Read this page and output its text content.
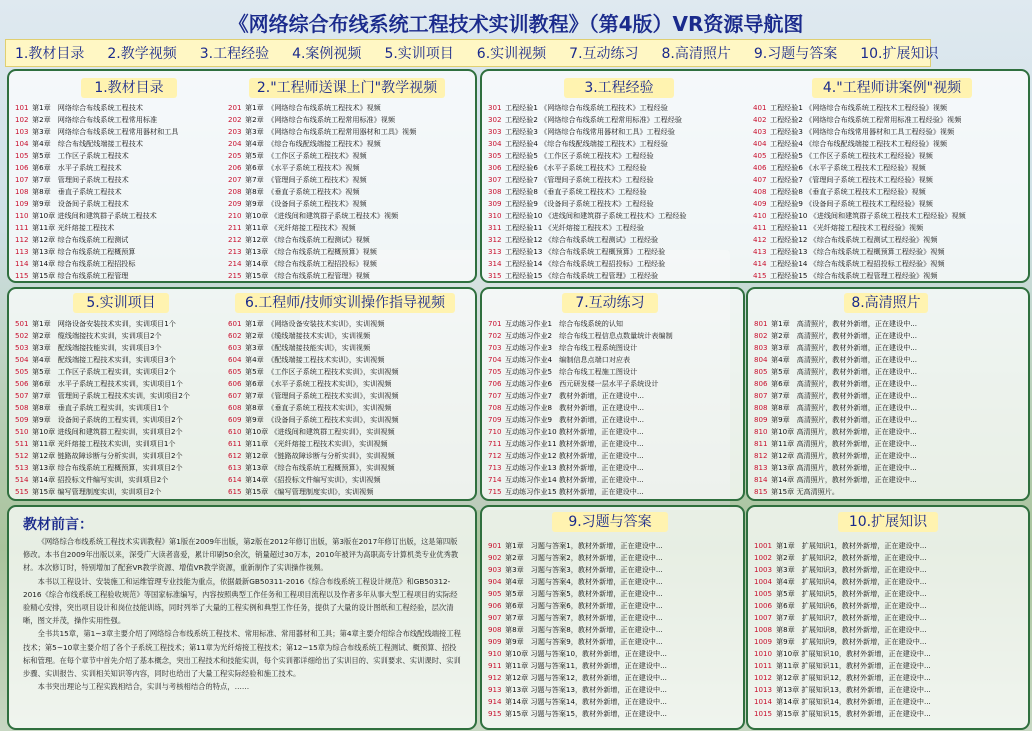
《网络综合布线系统工程技术实训教程》（第4版）VR资源导航图
1.教材目录 2.教学视频 3.工程经验 4.案例视频 5.实训项目 6.实训视频 7.互动练习 8.高清照片 9.习题与答案 10.扩展知识
1.教材目录	2."工程师送课上门"教学视频
101 第1章　网络综合布线系统工程技术
102 第2章　网络综合布线系统工程常用标准
103 第3章　网络综合布线系统工程常用器材和工具
104 第4章　综合布线配线端接工程技术
105 第5章　工作区子系统工程技术
106 第6章　水平子系统工程技术
107 第7章　管理间子系统工程技术
108 第8章　垂直子系统工程技术
109 第9章　设备间子系统工程技术
110 第10章 进线间和建筑群子系统工程技术
111 第11章 光纤熔接工程技术
112 第12章 综合布线系统工程测试
113 第13章 综合布线系统工程概预算
114 第14章 综合布线系统工程招投标
115 第15章 综合布线系统工程管理
201 第1章　《网络综合布线系统工程技术》视频
202 第2章　《网络综合布线系统工程常用标准》视频
203 第3章　《网络综合布线系统工程常用器材和工具》视频
204 第4章　《综合布线配线端接工程技术》视频
205 第5章　《工作区子系统工程技术》视频
206 第6章　《水平子系统工程技术》视频
207 第7章　《管理间子系统工程技术》视频
208 第8章　《垂直子系统工程技术》视频
209 第9章　《设备间子系统工程技术》视频
210 第10章 《进线间和建筑群子系统工程技术》视频
211 第11章 《光纤熔接工程技术》视频
212 第12章 《综合布线系统工程测试》视频
213 第13章 《综合布线系统工程概预算》视频
214 第14章 《综合布线系统工程招投标》视频
215 第15章 《综合布线系统工程管理》视频
3.工程经验	4."工程师讲案例"视频
301 工程经验1 《网络综合布线系统工程技术》工程经验
302 工程经验2 《网络综合布线系统工程常用标准》工程经验
303 工程经验3 《网络综合布线常用器材和工具》工程经验
304 工程经验4 《综合布线配线端接工程技术》工程经验
305 工程经验5 《工作区子系统工程技术》工程经验
306 工程经验6 《水平子系统工程技术》工程经验
307 工程经验7 《管理间子系统工程技术》工程经验
308 工程经验8 《垂直子系统工程技术》工程经验
309 工程经验9 《设备间子系统工程技术》工程经验
310 工程经验10 《进线间和建筑群子系统工程技术》工程经验
311 工程经验11 《光纤熔接工程技术》工程经验
312 工程经验12 《综合布线系统工程测试》工程经验
313 工程经验13 《综合布线系统工程概预算》工程经验
314 工程经验14 《综合布线系统工程招投标》工程经验
315 工程经验15 《综合布线系统工程管理》工程经验
401 工程经验1 《网络综合布线系统工程技术工程经验》视频
402 工程经验2 《网络综合布线系统工程常用标准工程经验》视频
403 工程经验3 《网络综合布线常用器材和工具工程经验》视频
404 工程经验4 《综合布线配线端接工程技术工程经验》视频
405 工程经验5 《工作区子系统工程技术工程经验》视频
406 工程经验6 《水平子系统工程技术工程经验》视频
407 工程经验7 《管理间子系统工程技术工程经验》视频
408 工程经验8 《垂直子系统工程技术工程经验》视频
409 工程经验9 《设备间子系统工程技术工程经验》视频
410 工程经验10 《进线间和建筑群子系统工程技术工程经验》视频
411 工程经验11 《光纤熔接工程技术工程经验》视频
412 工程经验12 《综合布线系统工程测试工程经验》视频
413 工程经验13 《综合布线系统工程概预算工程经验》视频
414 工程经验14 《综合布线系统工程招投标工程经验》视频
415 工程经验15 《综合布线系统工程管理工程经验》视频
5.实训项目	6.工程师/技师实训操作指导视频
501 第1章　网络设备安装技术实训，实训项目1个
502 第2章　缆线端接技术实训，实训项目2个
503 第3章　配线端接技能实训，实训项目3个
504 第4章　配线端接工程技术实训，实训项目3个
505 第5章　工作区子系统工程实训，实训项目2个
506 第6章　水平子系统工程技术实训，实训项目1个
507 第7章　管理间子系统工程技术实训，实训项目2个
508 第8章　垂直子系统工程实训，实训项目1个
509 第9章　设备间子系统的工程实训，实训项目2个
510 第10章 进线间和建筑群工程实训，实训项目2个
511 第11章 光纤熔接工程技术实训，实训项目1个
512 第12章 链路故障诊断与分析实训，实训项目2个
513 第13章 综合布线系统工程概预算，实训项目2个
514 第14章 招投标文件编写实训，实训项目2个
515 第15章 编写管理制度实训，实训项目2个
601 第1章　《网络设备安装技术实训》，实训视频
602 第2章　《缆线端接技术实训》，实训视频
603 第3章　《配线端接技能实训》，实训视频
604 第4章　《配线端接工程技术实训》，实训视频
605 第5章　《工作区子系统工程技术实训》，实训视频
606 第6章　《水平子系统工程技术实训》，实训视频
607 第7章　《管理间子系统工程技术实训》，实训视频
608 第8章　《垂直子系统工程技术实训》，实训视频
609 第9章　《设备间子系统工程技术实训》，实训视频
610 第10章 《进线间和建筑群工程实训》，实训视频
611 第11章 《光纤熔接工程技术实训》，实训视频
612 第12章 《链路故障诊断与分析实训》，实训视频
613 第13章 《综合布线系统工程概预算》，实训视频
614 第14章 《招投标文件编写实训》，实训视频
615 第15章 《编写管理制度实训》，实训视频
7.互动练习
701 互动练习作业1　综合布线系统的认知
702 互动练习作业2　综合布线工程信息点数量统计表编制
703 互动练习作业3　综合布线工程系统图设计
704 互动练习作业4　编制信息点端口对应表
705 互动练习作业5　综合布线工程施工图设计
706 互动练习作业6　西元研发楼一层水平子系统设计
707 互动练习作业7　教材外新增，正在建设中...
708 互动练习作业8　教材外新增，正在建设中...
709 互动练习作业9　教材外新增，正在建设中...
710 互动练习作业10 教材外新增，正在建设中...
711 互动练习作业11 教材外新增，正在建设中...
712 互动练习作业12 教材外新增，正在建设中...
713 互动练习作业13 教材外新增，正在建设中...
714 互动练习作业14 教材外新增，正在建设中...
715 互动练习作业15 教材外新增，正在建设中...
8.高清照片
801 第1章　高清照片，教材外新增，正在建设中...
802 第2章　高清照片，教材外新增，正在建设中...
803 第3章　高清照片，教材外新增，正在建设中...
804 第4章　高清照片，教材外新增，正在建设中...
805 第5章　高清照片，教材外新增，正在建设中...
806 第6章　高清照片，教材外新增，正在建设中...
807 第7章　高清照片，教材外新增，正在建设中...
808 第8章　高清照片，教材外新增，正在建设中...
809 第9章　高清照片，教材外新增，正在建设中...
810 第10章 高清照片，教材外新增，正在建设中...
811 第11章 高清照片，教材外新增，正在建设中...
812 第12章 高清照片，教材外新增，正在建设中...
813 第13章 高清照片，教材外新增，正在建设中...
814 第14章 高清照片，教材外新增，正在建设中...
815 第15章 无高清照片。
教材前言：

《网络综合布线系统工程技术实训教程》第1版在2009年出版，第2版在2012年修订出版，第3版在2017年修订出版，这是第四版修改。本书自2009年出版以来，深受广大读者喜爱，累计印刷50余次，销量超过30万本，2010年被评为高职高专计算机类专业优秀教材。本次修订时，特别增加了配套VR教学资源、增值VR教学资源，重新制作了实训操作视频。

本书以工程设计、安装施工和运维管理专业技能为重点，依据最新GB50311-2016《综合布线系统工程设计规范》和GB50312-2016《综合布线系统工程验收规范》等国家标准编写，内容按照典型工作任务和工程项目流程以及作者多年从事大型工程项目的实际经验精心安排，突出项目设计和岗位技能训练，同时列举了大量的工程实例和典型工作任务，提供了大量的设计图纸和工程经验，层次清晰，图文并茂，操作实用性强。

全书共15章，第1~3章主要介绍了网络综合布线系统工程技术、常用标准、常用器材和工具；第4章主要介绍综合布线配线端接工程技术；第5~10章主要介绍了各个子系统工程技术；第11章为光纤熔接工程技术；第12~15章为综合布线系统工程测试、概预算、招投标和管理。在每个章节中首先介绍了基本概念，突出工程技术和技能实训，每个实训都详细给出了实训目的、实训要求、实训课时、实训步骤、实训报告、实训相关知识等内容，同时也给出了大量工程实际经验和施工技术。

本书突出理论与工程实践相结合，实训与考核相结合的特点，……

9.习题与答案
901 第1章　习题与答案1，教材外新增，正在建设中...
902 第2章　习题与答案2，教材外新增，正在建设中...
903 第3章　习题与答案3，教材外新增，正在建设中...
904 第4章　习题与答案4，教材外新增，正在建设中...
905 第5章　习题与答案5，教材外新增，正在建设中...
906 第6章　习题与答案6，教材外新增，正在建设中...
907 第7章　习题与答案7，教材外新增，正在建设中...
908 第8章　习题与答案8，教材外新增，正在建设中...
909 第9章　习题与答案9，教材外新增，正在建设中...
910 第10章 习题与答案10，教材外新增，正在建设中...
911 第11章 习题与答案11，教材外新增，正在建设中...
912 第12章 习题与答案12，教材外新增，正在建设中...
913 第13章 习题与答案13，教材外新增，正在建设中...
914 第14章 习题与答案14，教材外新增，正在建设中...
915 第15章 习题与答案15，教材外新增，正在建设中...
10.扩展知识
1001 第1章　扩展知识1，教材外新增，正在建设中...
1002 第2章　扩展知识2，教材外新增，正在建设中...
1003 第3章　扩展知识3，教材外新增，正在建设中...
1004 第4章　扩展知识4，教材外新增，正在建设中...
1005 第5章　扩展知识5，教材外新增，正在建设中...
1006 第6章　扩展知识6，教材外新增，正在建设中...
1007 第7章　扩展知识7，教材外新增，正在建设中...
1008 第8章　扩展知识8，教材外新增，正在建设中...
1009 第9章　扩展知识9，教材外新增，正在建设中...
1010 第10章 扩展知识10，教材外新增，正在建设中...
1011 第11章 扩展知识11，教材外新增，正在建设中...
1012 第12章 扩展知识12，教材外新增，正在建设中...
1013 第13章 扩展知识13，教材外新增，正在建设中...
1014 第14章 扩展知识14，教材外新增，正在建设中...
1015 第15章 扩展知识15，教材外新增，正在建设中...
